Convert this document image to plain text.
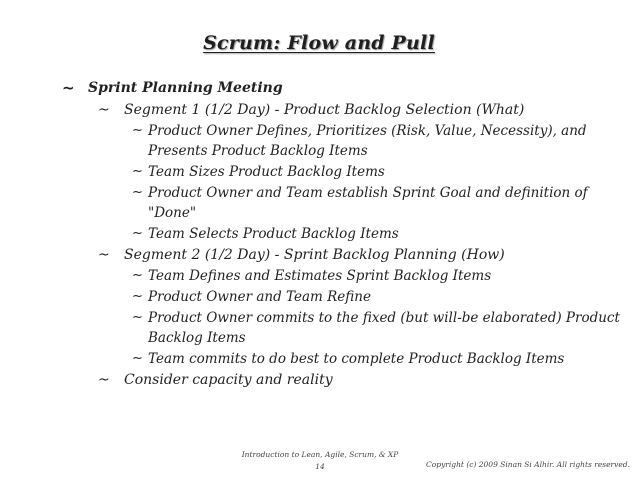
Scrum: Flow and Pull
~ Sprint Planning Meeting
~ Segment 1 (1/2 Day) - Product Backlog Selection (What)
~ Product Owner Defines, Prioritizes (Risk, Value, Necessity), and Presents Product Backlog Items
~ Team Sizes Product Backlog Items
~ Product Owner and Team establish Sprint Goal and definition of "Done"
~ Team Selects Product Backlog Items
~ Segment 2 (1/2 Day) - Sprint Backlog Planning (How)
~ Team Defines and Estimates Sprint Backlog Items
~ Product Owner and Team Refine
~ Product Owner commits to the fixed (but will-be elaborated) Product Backlog Items
~ Team commits to do best to complete Product Backlog Items
~ Consider capacity and reality
Introduction to Lean, Agile, Scrum, & XP
14	Copyright (c) 2009 Sinan Si Alhir. All rights reserved.
